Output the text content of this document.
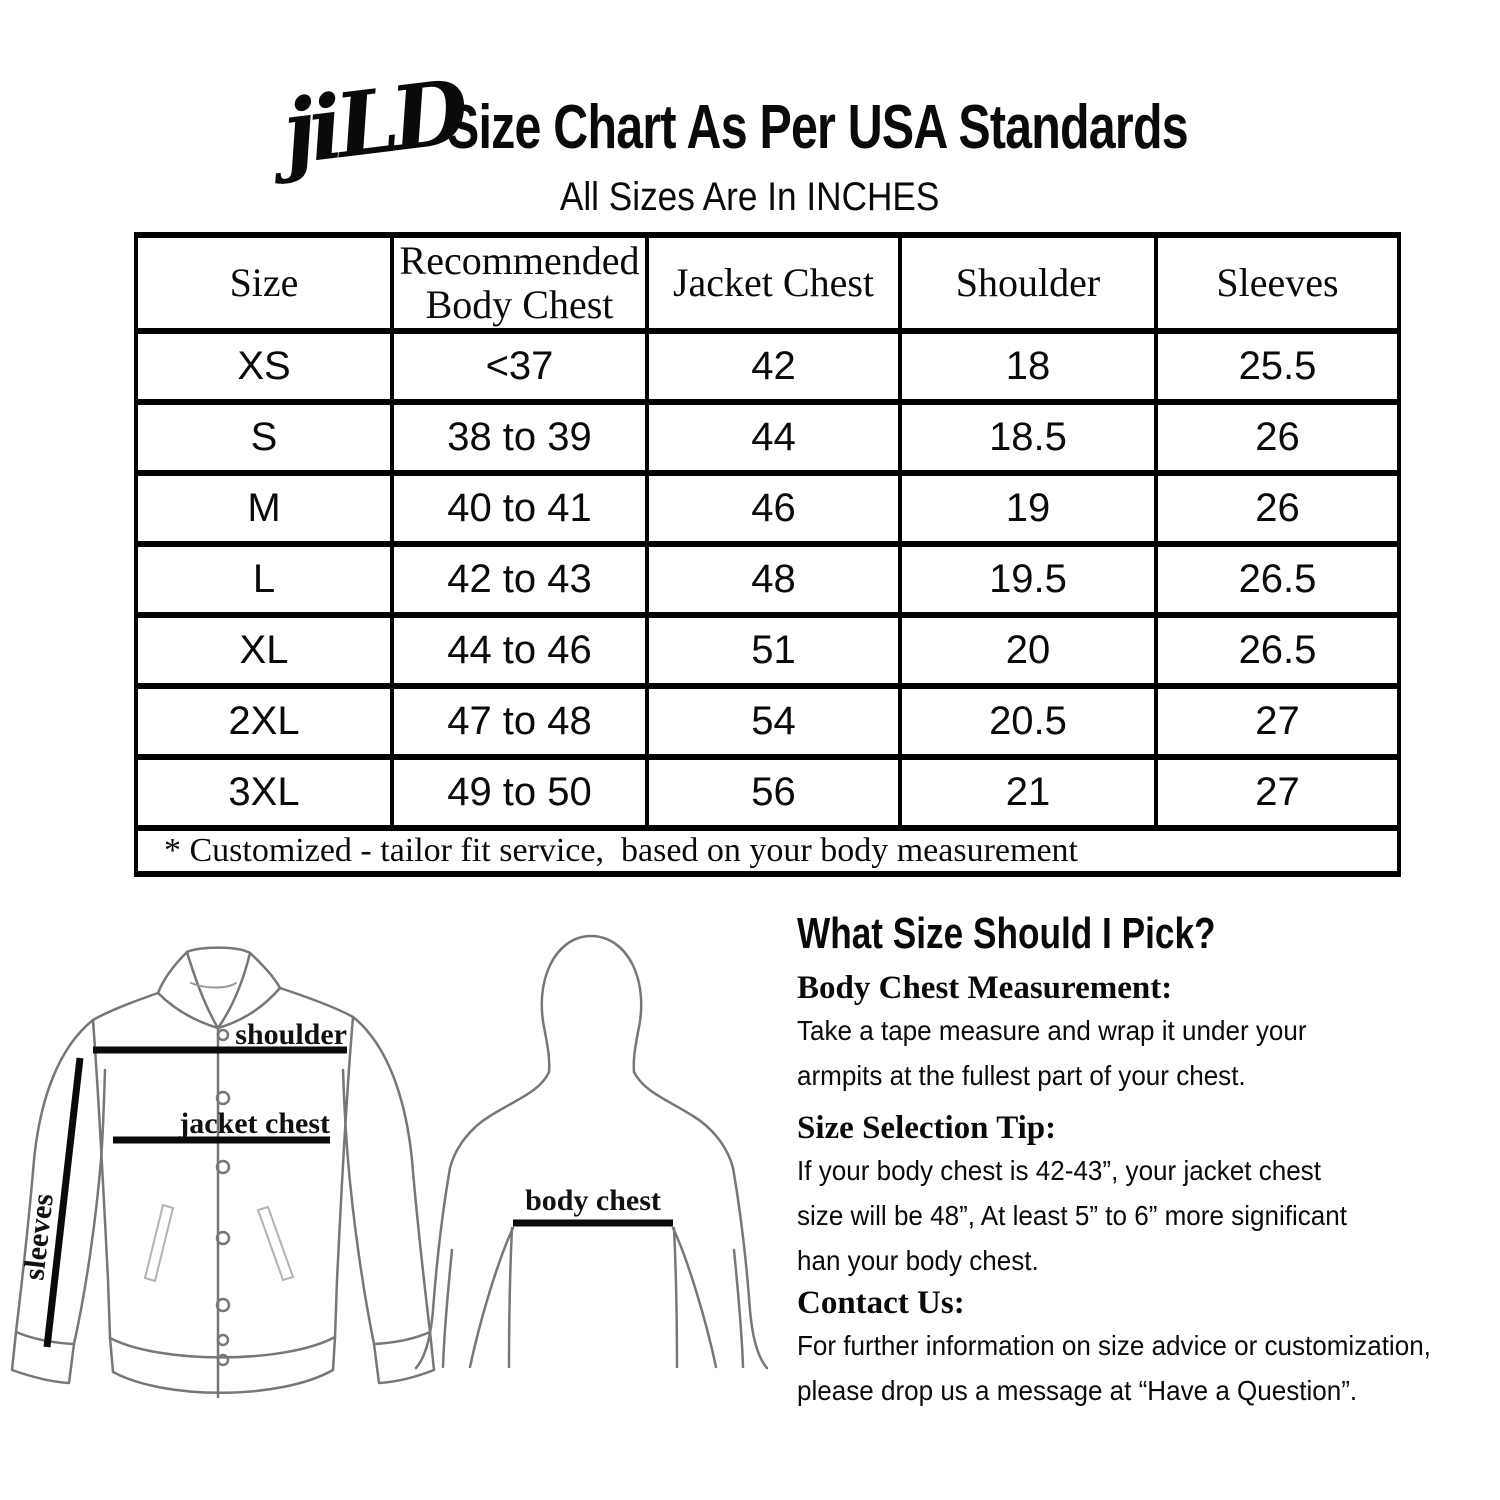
jiLD
Size Chart As Per USA Standards
All Sizes Are In INCHES
Size	Recommended Body Chest	Jacket Chest	Shoulder	Sleeves
XS	<37	42	18	25.5
S	38 to 39	44	18.5	26
M	40 to 41	46	19	26
L	42 to 43	48	19.5	26.5
XL	44 to 46	51	20	26.5
2XL	47 to 48	54	20.5	27
3XL	49 to 50	56	21	27
* Customized - tailor fit service,  based on your body measurement				
shoulder
jacket chest
sleeves	body chest
What Size Should I Pick?
Body Chest Measurement:
Take a tape measure and wrap it under your
armpits at the fullest part of your chest.
Size Selection Tip:
If your body chest is 42-43”, your jacket chest
size will be 48”, At least 5” to 6” more significant
han your body chest.
Contact Us:
For further information on size advice or customization,
please drop us a message at “Have a Question”.
